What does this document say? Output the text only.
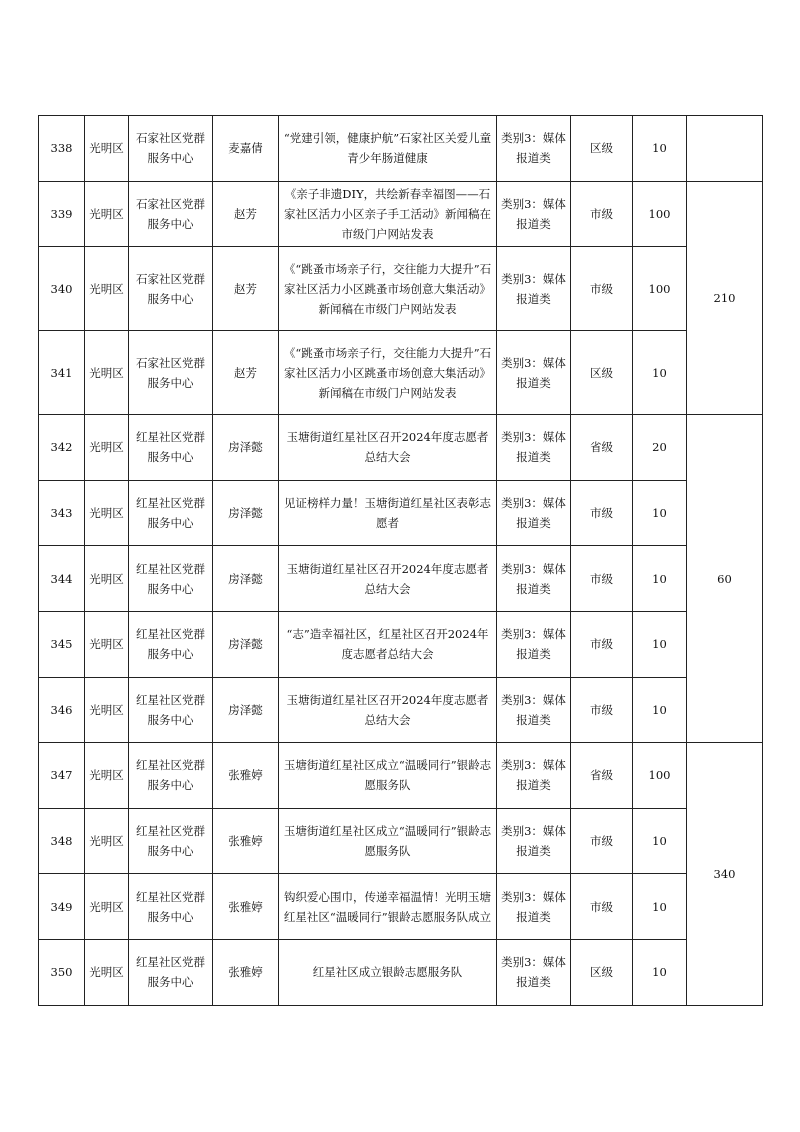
338	光明区	石家社区党群服务中心	麦嘉倩	“党建引领，健康护航”石家社区关爱儿童青少年肠道健康	类别3：媒体报道类	区级	10	
339	光明区	石家社区党群服务中心	赵芳	《亲子非遗DIY，共绘新春幸福图——石家社区活力小区亲子手工活动》新闻稿在市级门户网站发表	类别3：媒体报道类	市级	100	210
340	光明区	石家社区党群服务中心	赵芳	《“跳蚤市场亲子行，交往能力大提升”石家社区活力小区跳蚤市场创意大集活动》新闻稿在市级门户网站发表	类别3：媒体报道类	市级	100	
341	光明区	石家社区党群服务中心	赵芳	《“跳蚤市场亲子行，交往能力大提升”石家社区活力小区跳蚤市场创意大集活动》新闻稿在市级门户网站发表	类别3：媒体报道类	区级	10	
342	光明区	红星社区党群服务中心	房泽懿	玉塘街道红星社区召开2024年度志愿者总结大会	类别3：媒体报道类	省级	20	60
343	光明区	红星社区党群服务中心	房泽懿	见证榜样力量！玉塘街道红星社区表彰志愿者	类别3：媒体报道类	市级	10	
344	光明区	红星社区党群服务中心	房泽懿	玉塘街道红星社区召开2024年度志愿者总结大会	类别3：媒体报道类	市级	10	
345	光明区	红星社区党群服务中心	房泽懿	“志”造幸福社区，红星社区召开2024年度志愿者总结大会	类别3：媒体报道类	市级	10	
346	光明区	红星社区党群服务中心	房泽懿	玉塘街道红星社区召开2024年度志愿者总结大会	类别3：媒体报道类	市级	10	
347	光明区	红星社区党群服务中心	张雅婷	玉塘街道红星社区成立“温暖同行”银龄志愿服务队	类别3：媒体报道类	省级	100	340
348	光明区	红星社区党群服务中心	张雅婷	玉塘街道红星社区成立“温暖同行”银龄志愿服务队	类别3：媒体报道类	市级	10	
349	光明区	红星社区党群服务中心	张雅婷	钩织爱心围巾，传递幸福温情！光明玉塘红星社区“温暖同行”银龄志愿服务队成立	类别3：媒体报道类	市级	10	
350	光明区	红星社区党群服务中心	张雅婷	红星社区成立银龄志愿服务队	类别3：媒体报道类	区级	10	
